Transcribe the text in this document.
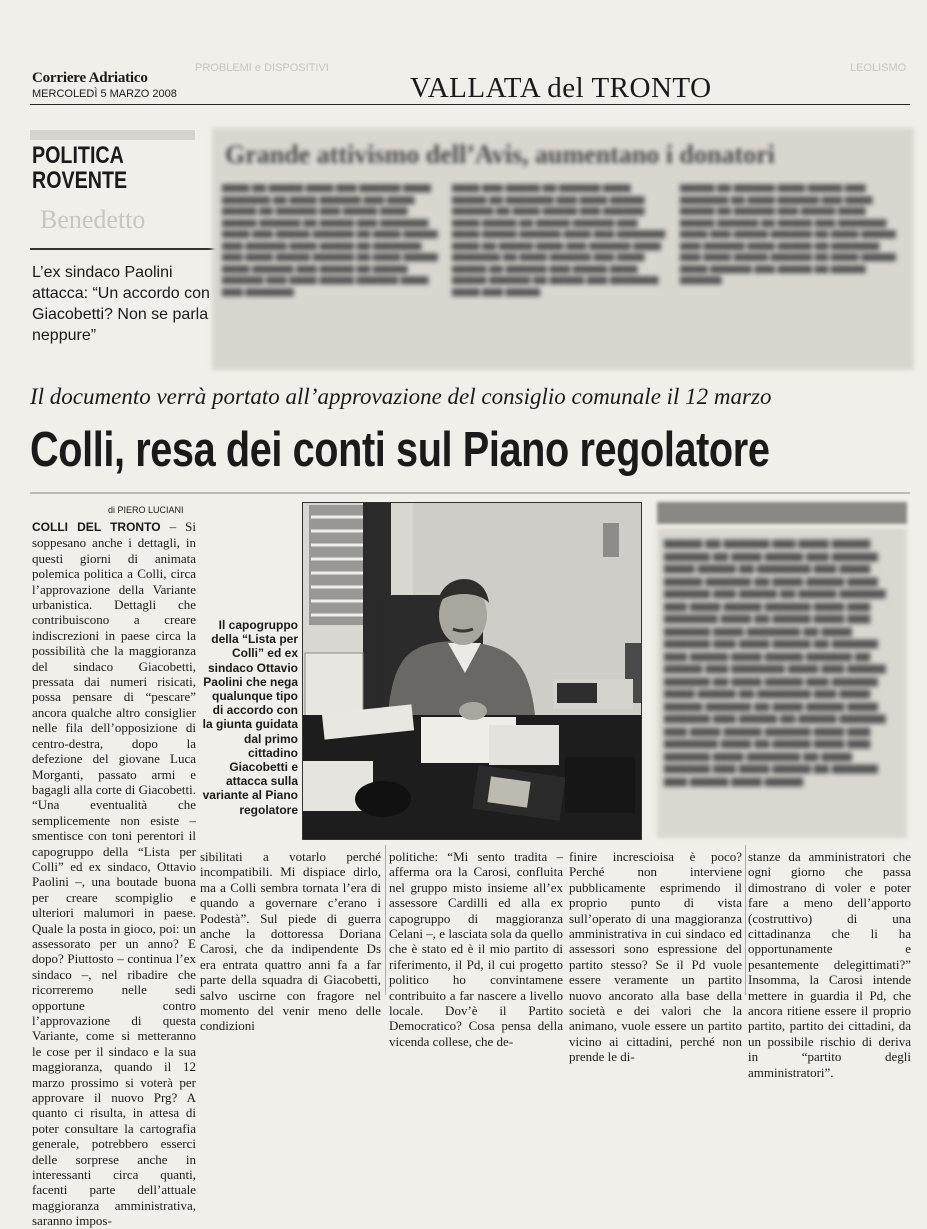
PROBLEMI e DISPOSITIVI	LEOLISMO
Corriere Adriatico
MERCOLEDÌ 5 MARZO 2008	VALLATA del TRONTO
POLITICA
ROVENTE
Benedetto
L’ex sindaco Paolini attacca: “Un accordo con Giacobetti? Non se parla neppure”
Grande attivismo dell’Avis, aumentano i donatori
▆▆▆▆ ▆▆ ▆▆▆▆▆ ▆▆▆▆ ▆▆▆ ▆▆▆▆▆▆ ▆▆▆▆ ▆▆▆▆▆▆▆ ▆▆ ▆▆▆▆ ▆▆▆▆▆▆ ▆▆▆ ▆▆▆▆ ▆▆▆▆▆ ▆▆ ▆▆▆▆▆▆ ▆▆▆ ▆▆▆▆▆ ▆▆▆▆ ▆▆▆▆▆ ▆▆▆▆▆▆ ▆▆ ▆▆▆▆▆ ▆▆▆ ▆▆▆▆▆▆▆ ▆▆▆▆ ▆▆▆ ▆▆▆▆▆ ▆▆▆▆▆▆ ▆▆ ▆▆▆▆ ▆▆▆▆▆ ▆▆▆ ▆▆▆▆▆▆ ▆▆▆▆ ▆▆▆▆▆ ▆▆ ▆▆▆▆▆▆▆ ▆▆▆ ▆▆▆▆ ▆▆▆▆▆ ▆▆▆▆▆▆ ▆▆ ▆▆▆▆ ▆▆▆▆▆ ▆▆▆▆ ▆▆▆▆▆▆ ▆▆▆ ▆▆▆▆▆ ▆▆ ▆▆▆▆▆ ▆▆▆▆▆▆ ▆▆▆ ▆▆▆▆ ▆▆▆▆▆ ▆▆▆▆▆▆ ▆▆▆▆ ▆▆▆ ▆▆▆▆▆▆▆
▆▆▆▆ ▆▆▆ ▆▆▆▆▆ ▆▆ ▆▆▆▆▆▆ ▆▆▆▆ ▆▆▆▆▆ ▆▆ ▆▆▆▆▆▆▆ ▆▆▆ ▆▆▆▆ ▆▆▆▆▆ ▆▆▆▆▆▆ ▆▆ ▆▆▆▆ ▆▆▆▆▆ ▆▆▆ ▆▆▆▆▆▆ ▆▆▆▆ ▆▆▆▆▆ ▆▆ ▆▆▆▆▆ ▆▆▆▆▆▆ ▆▆▆ ▆▆▆▆ ▆▆▆▆▆ ▆▆▆▆▆▆ ▆▆▆▆ ▆▆▆ ▆▆▆▆▆▆▆ ▆▆▆▆ ▆▆ ▆▆▆▆▆ ▆▆▆▆ ▆▆▆ ▆▆▆▆▆▆ ▆▆▆▆ ▆▆▆▆▆▆▆ ▆▆ ▆▆▆▆ ▆▆▆▆▆▆ ▆▆▆ ▆▆▆▆ ▆▆▆▆▆ ▆▆ ▆▆▆▆▆▆ ▆▆▆ ▆▆▆▆▆ ▆▆▆▆ ▆▆▆▆▆ ▆▆▆▆▆▆ ▆▆ ▆▆▆▆▆ ▆▆▆ ▆▆▆▆▆▆▆ ▆▆▆▆ ▆▆▆ ▆▆▆▆▆
▆▆▆▆▆ ▆▆ ▆▆▆▆▆▆ ▆▆▆▆ ▆▆▆▆▆ ▆▆▆ ▆▆▆▆▆▆▆ ▆▆ ▆▆▆▆ ▆▆▆▆▆▆ ▆▆▆ ▆▆▆▆ ▆▆▆▆▆ ▆▆ ▆▆▆▆▆▆ ▆▆▆ ▆▆▆▆▆ ▆▆▆▆ ▆▆▆▆▆ ▆▆▆▆▆▆ ▆▆ ▆▆▆▆▆ ▆▆▆ ▆▆▆▆▆▆▆ ▆▆▆▆ ▆▆▆ ▆▆▆▆▆ ▆▆▆▆▆▆ ▆▆ ▆▆▆▆ ▆▆▆▆▆ ▆▆▆ ▆▆▆▆▆▆ ▆▆▆▆ ▆▆▆▆▆ ▆▆ ▆▆▆▆▆▆▆ ▆▆▆ ▆▆▆▆ ▆▆▆▆▆ ▆▆▆▆▆▆ ▆▆ ▆▆▆▆ ▆▆▆▆▆ ▆▆▆▆ ▆▆▆▆▆▆ ▆▆▆ ▆▆▆▆▆ ▆▆ ▆▆▆▆▆ ▆▆▆▆▆▆
Il documento verrà portato all’approvazione del consiglio comunale il 12 marzo
Colli, resa dei conti sul Piano regolatore
di PIERO LUCIANI
COLLI DEL TRONTO – Si soppesano anche i dettagli, in questi giorni di animata polemica politica a Colli, circa l’approvazione della Variante urbanistica. Dettagli che contribuiscono a creare indiscrezioni in paese circa la possibilità che la maggioranza del sindaco Giacobetti, pressata dai numeri risicati, possa pensare di “pescare” ancora qualche altro consiglier nelle fila dell’opposizione di centro-destra, dopo la defezione del giovane Luca Morganti, passato armi e bagagli alla corte di Giacobetti. “Una eventualità che semplicemente non esiste – smentisce con toni perentori il capogruppo della “Lista per Colli” ed ex sindaco, Ottavio Paolini –, una boutade buona per creare scompiglio e ulteriori malumori in paese. Quale la posta in gioco, poi: un assessorato per un anno? E dopo? Piuttosto – continua l’ex sindaco –, nel ribadire che ricorreremo nelle sedi opportune contro l’approvazione di questa Variante, come si metteranno le cose per il sindaco e la sua maggioranza, quando il 12 marzo prossimo si voterà per approvare il nuovo Prg? A quanto ci risulta, in attesa di poter consultare la cartografia generale, potrebbero esserci delle sorprese anche in interessanti circa quanti, facenti parte dell’attuale maggioranza amministrativa, saranno impos-
Il capogruppo della “Lista per Colli” ed ex sindaco Ottavio Paolini che nega qualunque tipo di accordo con la giunta guidata dal primo cittadino Giacobetti e attacca sulla variante al Piano regolatore
sibilitati a votarlo perché incompatibili. Mi dispiace dirlo, ma a Colli sembra tornata l’era di quando a governare c’erano i Podestà”. Sul piede di guerra anche la dottoressa Doriana Carosi, che da indipendente Ds era entrata quattro anni fa a far parte della squadra di Giacobetti, salvo uscirne con fragore nel momento del venir meno delle condizioni
politiche: “Mi sento tradita – afferma ora la Carosi, confluita nel gruppo misto insieme all’ex assessore Cardilli ed alla ex capogruppo di maggioranza Celani –, e lasciata sola da quello che è stato ed è il mio partito di riferimento, il Pd, il cui progetto politico ho convintamene contribuito a far nascere a livello locale. Dov’è il Partito Democratico? Cosa pensa della vicenda collese, che de-
finire increscioisa è poco? Perché non interviene pubblicamente esprimendo il proprio punto di vista sull’operato di una maggioranza amministrativa in cui sindaco ed assessori sono espressione del partito stesso? Se il Pd vuole essere veramente un partito nuovo ancorato alla base della società e dei valori che la animano, vuole essere un partito vicino ai cittadini, perché non prende le di-
stanze da amministratori che ogni giorno che passa dimostrano di voler e poter fare a meno dell’apporto (costruttivo) di una cittadinanza che li ha opportunamente e pesantemente delegittimati?” Insomma, la Carosi intende mettere in guardia il Pd, che ancora ritiene essere il proprio partito, partito dei cittadini, da un possibile rischio di deriva in “partito degli amministratori”.
▆▆▆▆▆ ▆▆ ▆▆▆▆▆▆ ▆▆▆ ▆▆▆▆ ▆▆▆▆▆ ▆▆▆▆▆▆ ▆▆ ▆▆▆▆ ▆▆▆▆▆ ▆▆▆ ▆▆▆▆▆▆ ▆▆▆▆ ▆▆▆▆▆ ▆▆ ▆▆▆▆▆▆▆ ▆▆▆ ▆▆▆▆ ▆▆▆▆▆ ▆▆▆▆▆▆ ▆▆ ▆▆▆▆ ▆▆▆▆▆ ▆▆▆▆ ▆▆▆▆▆▆ ▆▆▆ ▆▆▆▆▆ ▆▆ ▆▆▆▆▆ ▆▆▆▆▆▆ ▆▆▆ ▆▆▆▆ ▆▆▆▆▆ ▆▆▆▆▆▆ ▆▆▆▆ ▆▆▆ ▆▆▆▆▆▆▆ ▆▆▆▆ ▆▆ ▆▆▆▆▆ ▆▆▆▆ ▆▆▆ ▆▆▆▆▆▆ ▆▆▆▆ ▆▆▆▆▆▆▆ ▆▆ ▆▆▆▆ ▆▆▆▆▆▆ ▆▆▆ ▆▆▆▆ ▆▆▆▆▆ ▆▆ ▆▆▆▆▆▆ ▆▆▆ ▆▆▆▆▆ ▆▆▆▆ ▆▆▆▆▆ ▆▆▆▆▆▆ ▆▆ ▆▆▆▆▆ ▆▆▆ ▆▆▆▆▆▆▆ ▆▆▆▆ ▆▆▆ ▆▆▆▆▆ ▆▆▆▆▆▆ ▆▆ ▆▆▆▆ ▆▆▆▆▆ ▆▆▆ ▆▆▆▆▆▆ ▆▆▆▆ ▆▆▆▆▆ ▆▆ ▆▆▆▆▆▆▆ ▆▆▆ ▆▆▆▆ ▆▆▆▆▆ ▆▆▆▆▆▆ ▆▆ ▆▆▆▆ ▆▆▆▆▆ ▆▆▆▆ ▆▆▆▆▆▆ ▆▆▆ ▆▆▆▆▆ ▆▆ ▆▆▆▆▆ ▆▆▆▆▆▆ ▆▆▆ ▆▆▆▆ ▆▆▆▆▆ ▆▆▆▆▆▆ ▆▆▆▆ ▆▆▆ ▆▆▆▆▆▆▆ ▆▆▆▆ ▆▆ ▆▆▆▆▆ ▆▆▆▆ ▆▆▆ ▆▆▆▆▆▆ ▆▆▆▆ ▆▆▆▆▆▆▆ ▆▆ ▆▆▆▆ ▆▆▆▆▆▆ ▆▆▆ ▆▆▆▆ ▆▆▆▆▆ ▆▆ ▆▆▆▆▆▆ ▆▆▆ ▆▆▆▆▆ ▆▆▆▆ ▆▆▆▆▆
